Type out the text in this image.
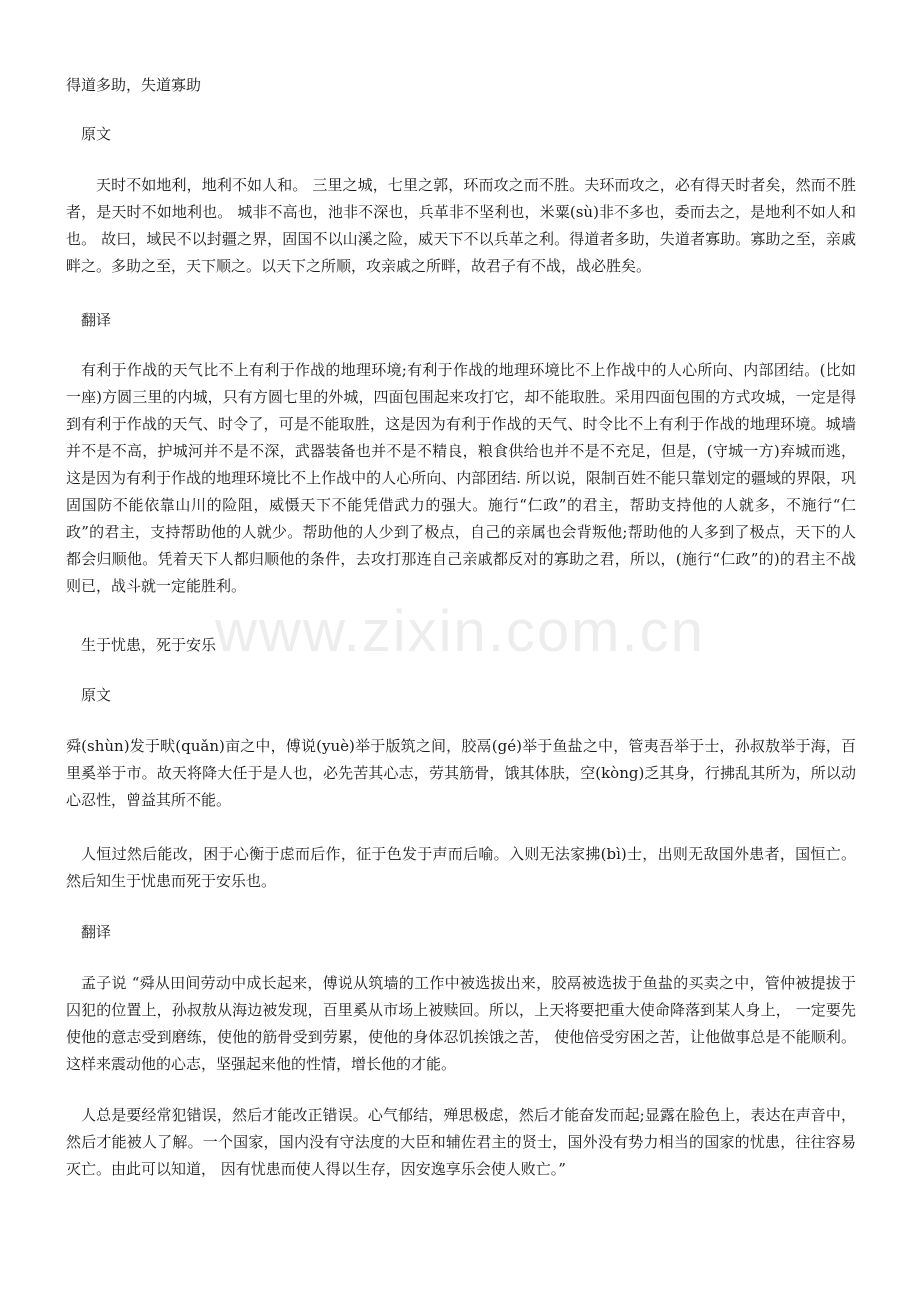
得道多助，失道寡助

原文

天时不如地利，地利不如人和。 三里之城，七里之郭，环而攻之而不胜。夫环而攻之，必有得天时者矣，然而不胜者，是天时不如地利也。 城非不高也，池非不深也，兵革非不坚利也，米粟(sù)非不多也，委而去之，是地利不如人和也。 故曰，域民不以封疆之界，固国不以山溪之险，威天下不以兵革之利。得道者多助，失道者寡助。寡助之至，亲戚畔之。多助之至，天下顺之。以天下之所顺，攻亲戚之所畔，故君子有不战，战必胜矣。

翻译

有利于作战的天气比不上有利于作战的地理环境;有利于作战的地理环境比不上作战中的人心所向、内部团结。(比如一座)方圆三里的内城，只有方圆七里的外城，四面包围起来攻打它，却不能取胜。采用四面包围的方式攻城，一定是得到有利于作战的天气、时令了，可是不能取胜，这是因为有利于作战的天气、时令比不上有利于作战的地理环境。城墙并不是不高，护城河并不是不深，武器装备也并不是不精良，粮食供给也并不是不充足，但是，(守城一方)弃城而逃，这是因为有利于作战的地理环境比不上作战中的人心所向、内部团结. 所以说，限制百姓不能只靠划定的疆域的界限，巩固国防不能依靠山川的险阻，威慑天下不能凭借武力的强大。施行“仁政”的君主，帮助支持他的人就多，不施行“仁政”的君主，支持帮助他的人就少。帮助他的人少到了极点，自己的亲属也会背叛他;帮助他的人多到了极点，天下的人都会归顺他。凭着天下人都归顺他的条件，去攻打那连自己亲戚都反对的寡助之君，所以，(施行“仁政”的)的君主不战则已，战斗就一定能胜利。

生于忧患，死于安乐

原文

舜(shùn)发于畎(quǎn)亩之中，傅说(yuè)举于版筑之间，胶鬲(gé)举于鱼盐之中，管夷吾举于士，孙叔敖举于海，百里奚举于市。故天将降大任于是人也，必先苦其心志，劳其筋骨，饿其体肤，空(kòng)乏其身，行拂乱其所为，所以动心忍性，曾益其所不能。

人恒过然后能改，困于心衡于虑而后作，征于色发于声而后喻。入则无法家拂(bì)士，出则无敌国外患者，国恒亡。然后知生于忧患而死于安乐也。

翻译

孟子说 “舜从田间劳动中成长起来，傅说从筑墙的工作中被选拔出来，胶鬲被选拔于鱼盐的买卖之中，管仲被提拔于囚犯的位置上，孙叔敖从海边被发现，百里奚从市场上被赎回。所以，上天将要把重大使命降落到某人身上， 一定要先使他的意志受到磨练，使他的筋骨受到劳累，使他的身体忍饥挨饿之苦， 使他倍受穷困之苦，让他做事总是不能顺利。这样来震动他的心志，坚强起来他的性情，增长他的才能。

人总是要经常犯错误，然后才能改正错误。心气郁结，殚思极虑，然后才能奋发而起;显露在脸色上，表达在声音中，然后才能被人了解。一个国家，国内没有守法度的大臣和辅佐君主的贤士，国外没有势力相当的国家的忧患，往往容易灭亡。由此可以知道， 因有忧患而使人得以生存，因安逸享乐会使人败亡。”

www.zixin.com.cn
